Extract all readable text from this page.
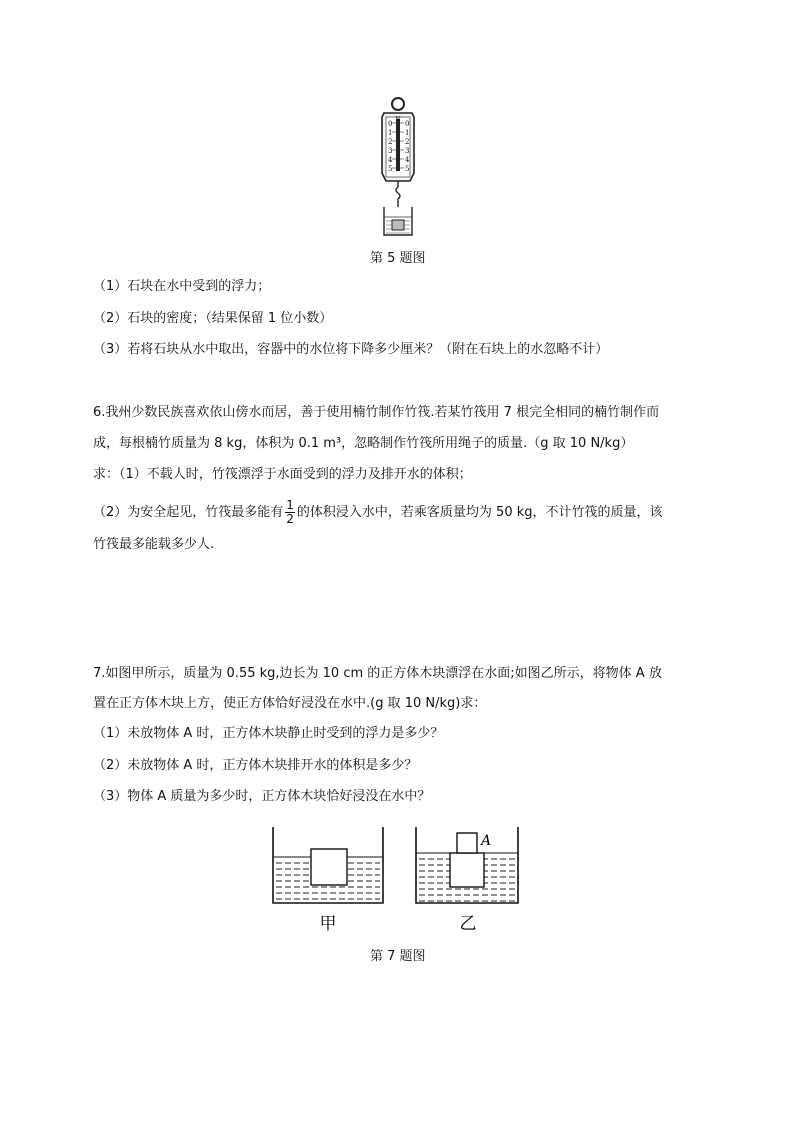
N
0
1
2
3
4
5
0
1
2
3
4
5
第 5 题图
（1）石块在水中受到的浮力；
（2）石块的密度；（结果保留 1 位小数）
（3）若将石块从水中取出，容器中的水位将下降多少厘米？（附在石块上的水忽略不计）
6.我州少数民族喜欢依山傍水而居，善于使用楠竹制作竹筏.若某竹筏用 7 根完全相同的楠竹制作而
成，每根楠竹质量为 8 kg，体积为 0.1 m³，忽略制作竹筏所用绳子的质量.（g 取 10 N/kg）
求：（1）不载人时，竹筏漂浮于水面受到的浮力及排开水的体积；
（2）为安全起见，竹筏最多能有 $\frac{1}{2}$ 的体积浸入水中，若乘客质量均为 50 kg，不计竹筏的质量，该
竹筏最多能载多少人.
7.如图甲所示，质量为 0.55 kg,边长为 10 cm 的正方体木块漂浮在水面;如图乙所示，将物体 A 放
置在正方体木块上方，使正方体恰好浸没在水中.(g 取 10 N/kg)求：
（1）未放物体 A 时，正方体木块静止时受到的浮力是多少？
（2）未放物体 A 时，正方体木块排开水的体积是多少？
（3）物体 A 质量为多少时，正方体木块恰好浸没在水中？
A
甲	乙
第 7 题图
